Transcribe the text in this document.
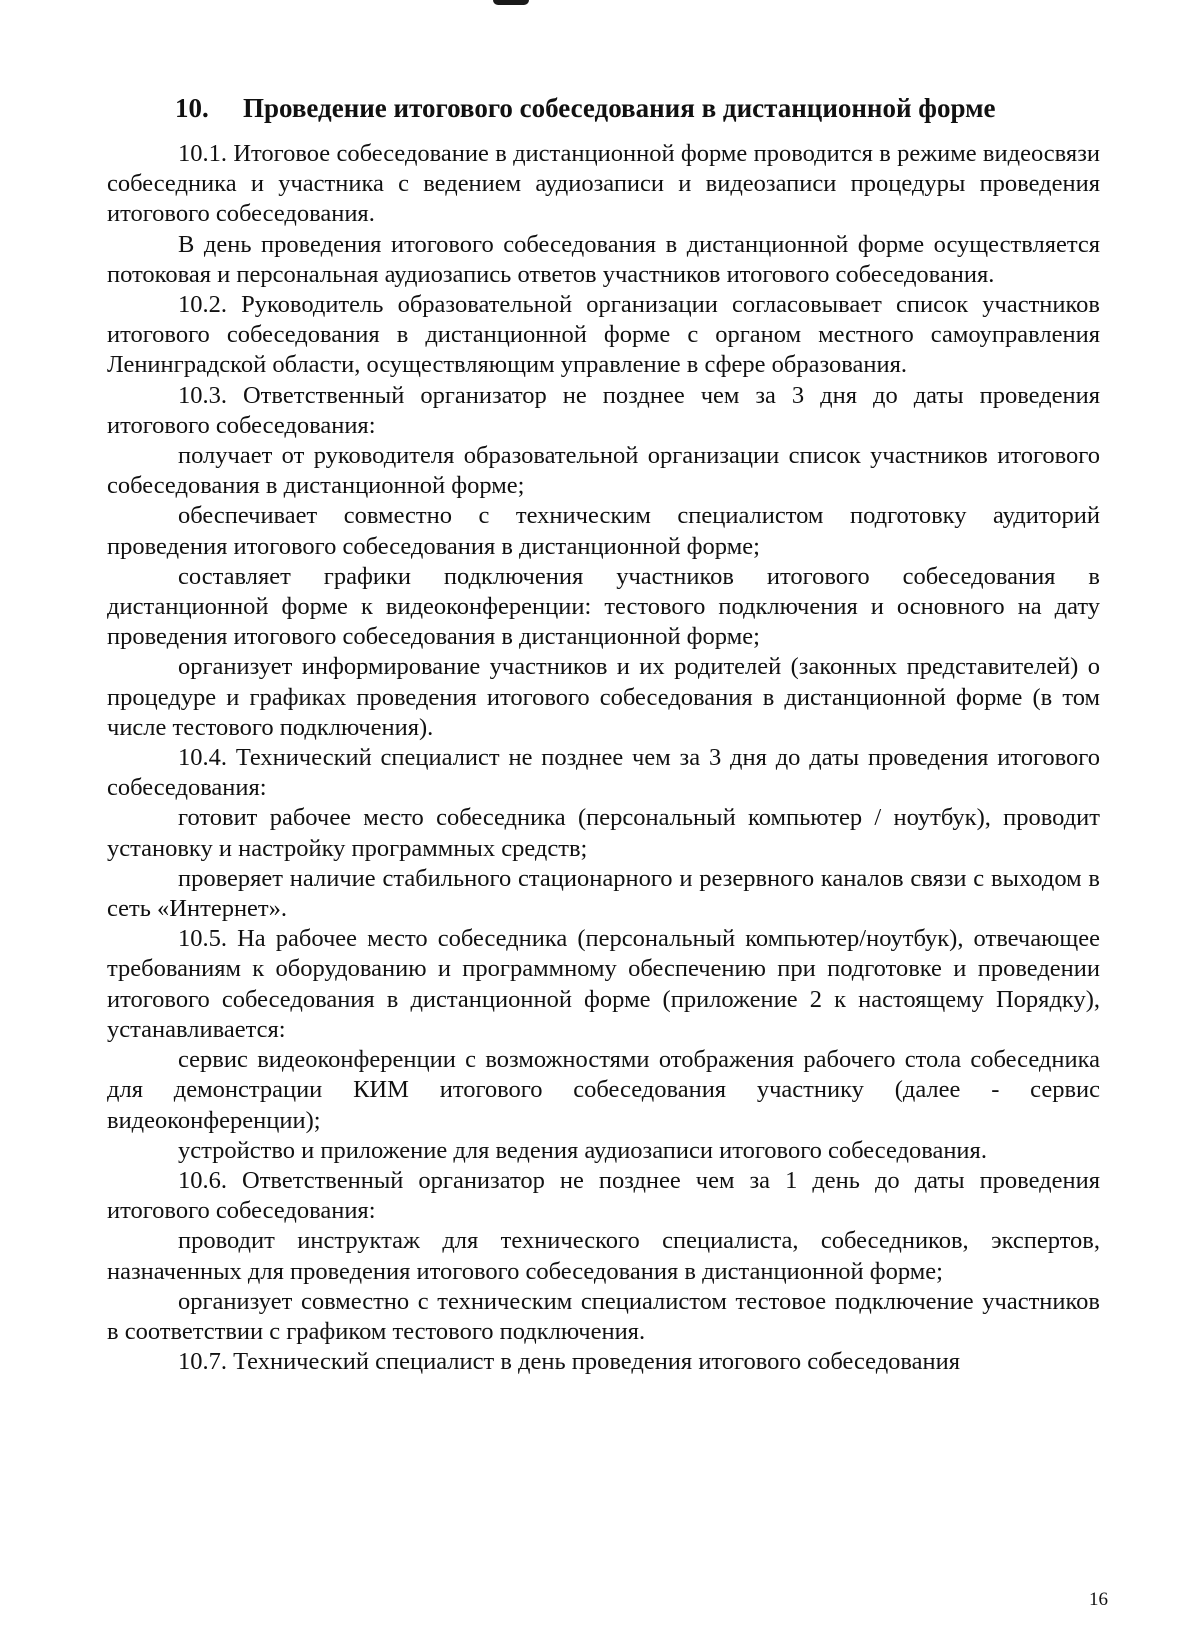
10. Проведение итогового собеседования в дистанционной форме

10.1. Итоговое собеседование в дистанционной форме проводится в режиме видеосвязи собеседника и участника с ведением аудиозаписи и видеозаписи процедуры проведения итогового собеседования.

В день проведения итогового собеседования в дистанционной форме осуществляется потоковая и персональная аудиозапись ответов участников итогового собеседования.

10.2. Руководитель образовательной организации согласовывает список участников итогового собеседования в дистанционной форме с органом местного самоуправления Ленинградской области, осуществляющим управление в сфере образования.

10.3. Ответственный организатор не позднее чем за 3 дня до даты проведения итогового собеседования:

получает от руководителя образовательной организации список участников итогового собеседования в дистанционной форме;

обеспечивает совместно с техническим специалистом подготовку аудиторий проведения итогового собеседования в дистанционной форме;

составляет графики подключения участников итогового собеседования в дистанционной форме к видеоконференции: тестового подключения и основного на дату проведения итогового собеседования в дистанционной форме;

организует информирование участников и их родителей (законных представителей) о процедуре и графиках проведения итогового собеседования в дистанционной форме (в том числе тестового подключения).

10.4. Технический специалист не позднее чем за 3 дня до даты проведения итогового собеседования:

готовит рабочее место собеседника (персональный компьютер / ноутбук), проводит установку и настройку программных средств;

проверяет наличие стабильного стационарного и резервного каналов связи с выходом в сеть «Интернет».

10.5. На рабочее место собеседника (персональный компьютер/ноутбук), отвечающее требованиям к оборудованию и программному обеспечению при подготовке и проведении итогового собеседования в дистанционной форме (приложение 2 к настоящему Порядку), устанавливается:

сервис видеоконференции с возможностями отображения рабочего стола собеседника для демонстрации КИМ итогового собеседования участнику (далее - сервис видеоконференции);

устройство и приложение для ведения аудиозаписи итогового собеседования.

10.6. Ответственный организатор не позднее чем за 1 день до даты проведения итогового собеседования:

проводит инструктаж для технического специалиста, собеседников, экспертов, назначенных для проведения итогового собеседования в дистанционной форме;

организует совместно с техническим специалистом тестовое подключение участников в соответствии с графиком тестового подключения.

10.7. Технический специалист в день проведения итогового собеседования

16
